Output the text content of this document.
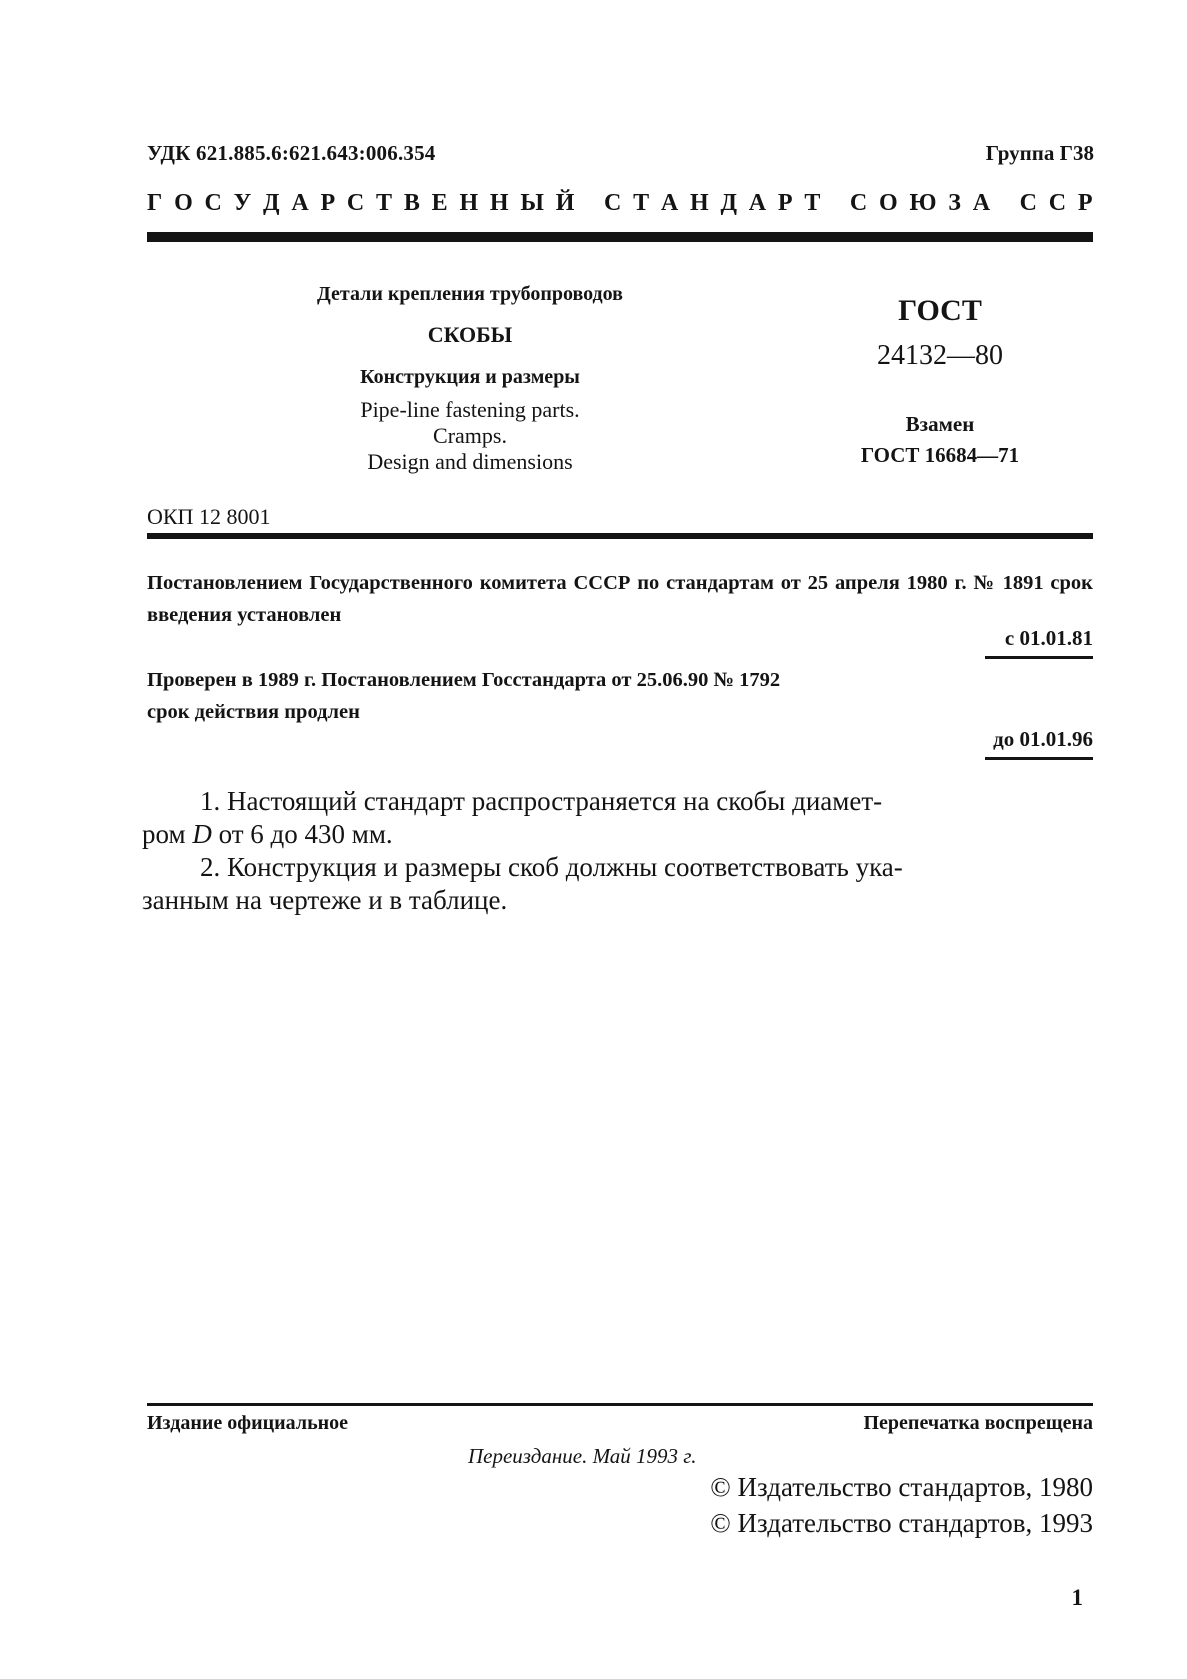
УДК 621.885.6:621.643:006.354	Группа Г38
Г О С У Д А Р С Т В Е Н Н Ы Й
С Т А Н Д А Р Т
С О Ю З А
С С Р
Детали крепления трубопроводов
СКОБЫ
Конструкция и размеры
Pipe-line fastening parts.
Cramps.
Design and dimensions
ГОСТ
24132—80
Взамен
ГОСТ 16684—71
ОКП 12 8001
Постановлением Государственного комитета СССР по стандартам от 25 апреля 1980 г. № 1891 срок введения установлен
с 01.01.81
Проверен в 1989 г. Постановлением Госстандарта от 25.06.90 № 1792
срок действия продлен
до 01.01.96

1. Настоящий стандарт распространяется на скобы диамет-

ром D от 6 до 430 мм.

2. Конструкция и размеры скоб должны соответствовать ука-

занным на чертеже и в таблице.

Издание официальное	Перепечатка воспрещена
Переиздание. Май 1993 г.
© Издательство стандартов, 1980
© Издательство стандартов, 1993
1
